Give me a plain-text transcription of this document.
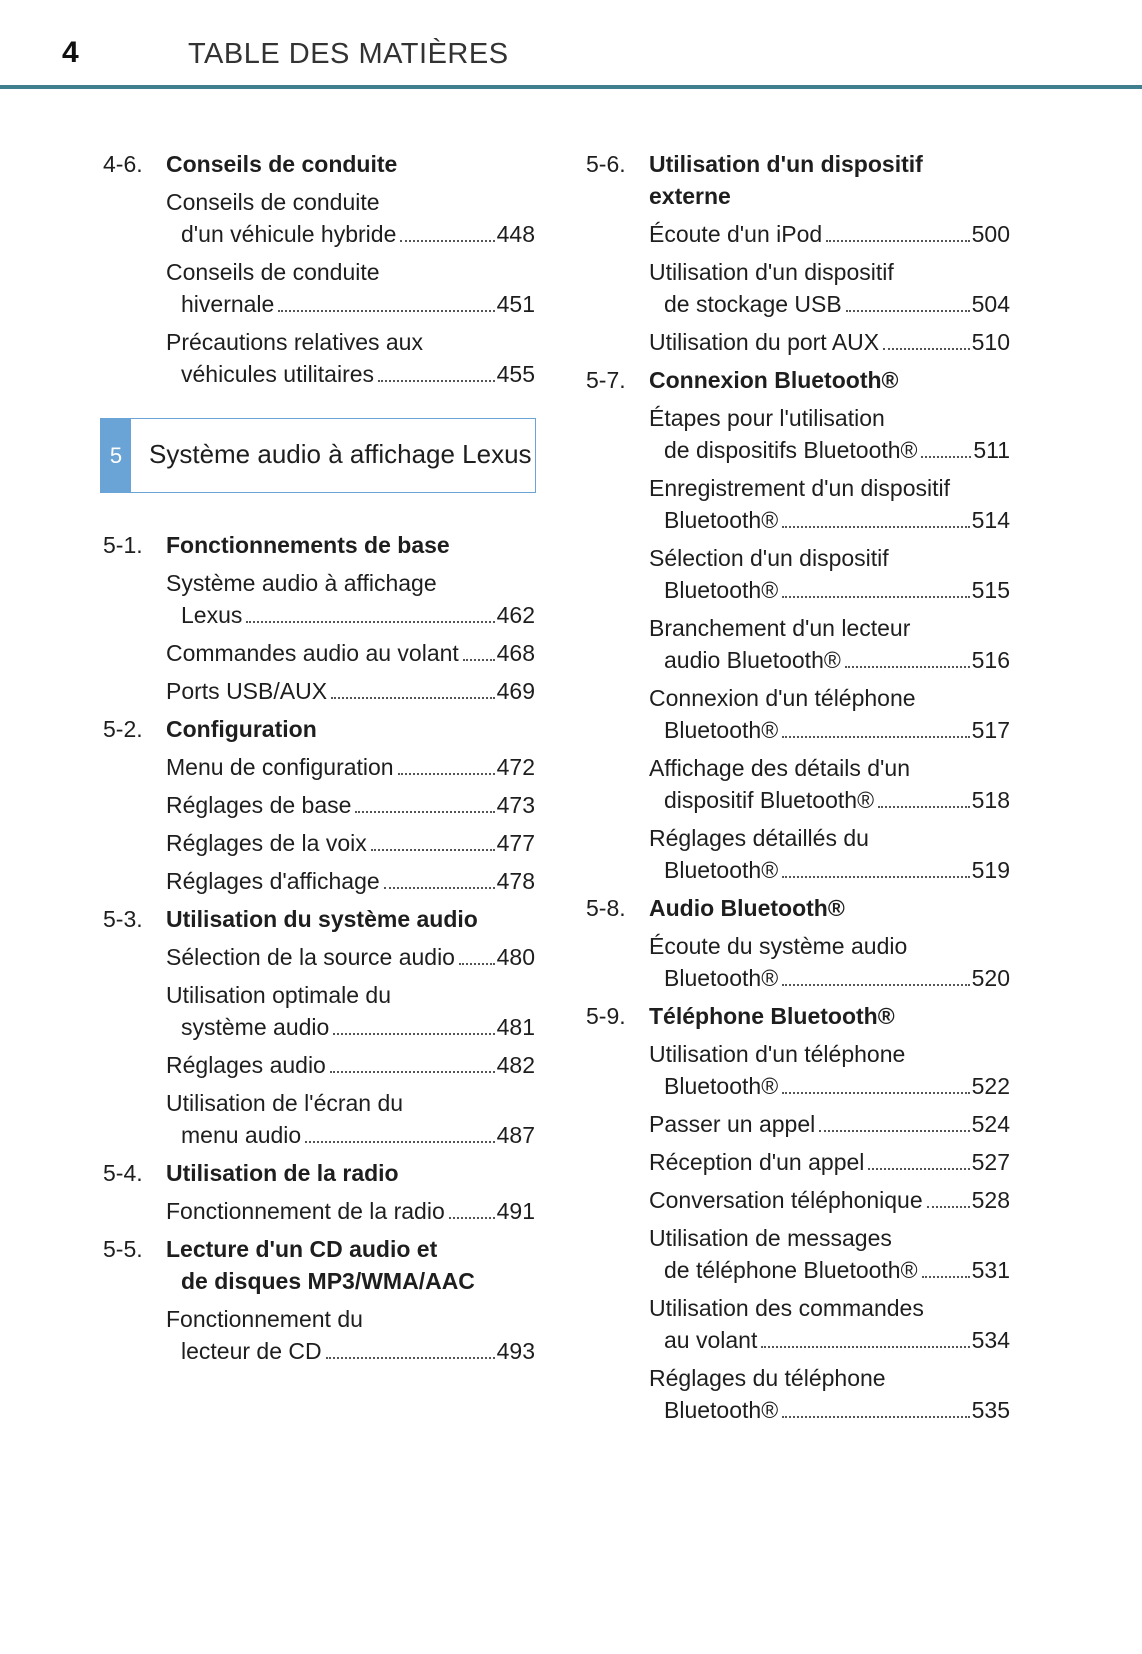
4	TABLE DES MATIÈRES
4-6.	Conseils de conduite
Conseils de conduite
d'un véhicule hybride	448
Conseils de conduite
hivernale	451
Précautions relatives aux
véhicules utilitaires	455
5	Système audio à affichage Lexus
5-1.	Fonctionnements de base
Système audio à affichage
Lexus	462
Commandes audio au volant 468
Ports USB/AUX	469
5-2.	Configuration
Menu de configuration	472
Réglages de base	473
Réglages de la voix	477
Réglages d'affichage	478
5-3.	Utilisation du système audio
Sélection de la source audio 480
Utilisation optimale du
système audio	481
Réglages audio	482
Utilisation de l'écran du
menu audio	487
5-4.	Utilisation de la radio
Fonctionnement de la radio 491
5-5.	Lecture d'un CD audio et
de disques MP3/WMA/AAC
Fonctionnement du
lecteur de CD	493
5-6.	Utilisation d'un dispositif externe
Écoute d'un iPod	500
Utilisation d'un dispositif
de stockage USB	504
Utilisation du port AUX	510
5-7.	Connexion Bluetooth®
Étapes pour l'utilisation
de dispositifs Bluetooth® 511
Enregistrement d'un dispositif
Bluetooth®	514
Sélection d'un dispositif
Bluetooth®	515
Branchement d'un lecteur
audio Bluetooth®	516
Connexion d'un téléphone
Bluetooth®	517
Affichage des détails d'un
dispositif Bluetooth®	518
Réglages détaillés du
Bluetooth®	519
5-8.	Audio Bluetooth®
Écoute du système audio
Bluetooth®	520
5-9.	Téléphone Bluetooth®
Utilisation d'un téléphone
Bluetooth®	522
Passer un appel	524
Réception d'un appel	527
Conversation téléphonique 528
Utilisation de messages
de téléphone Bluetooth® 531
Utilisation des commandes
au volant	534
Réglages du téléphone
Bluetooth®	535
